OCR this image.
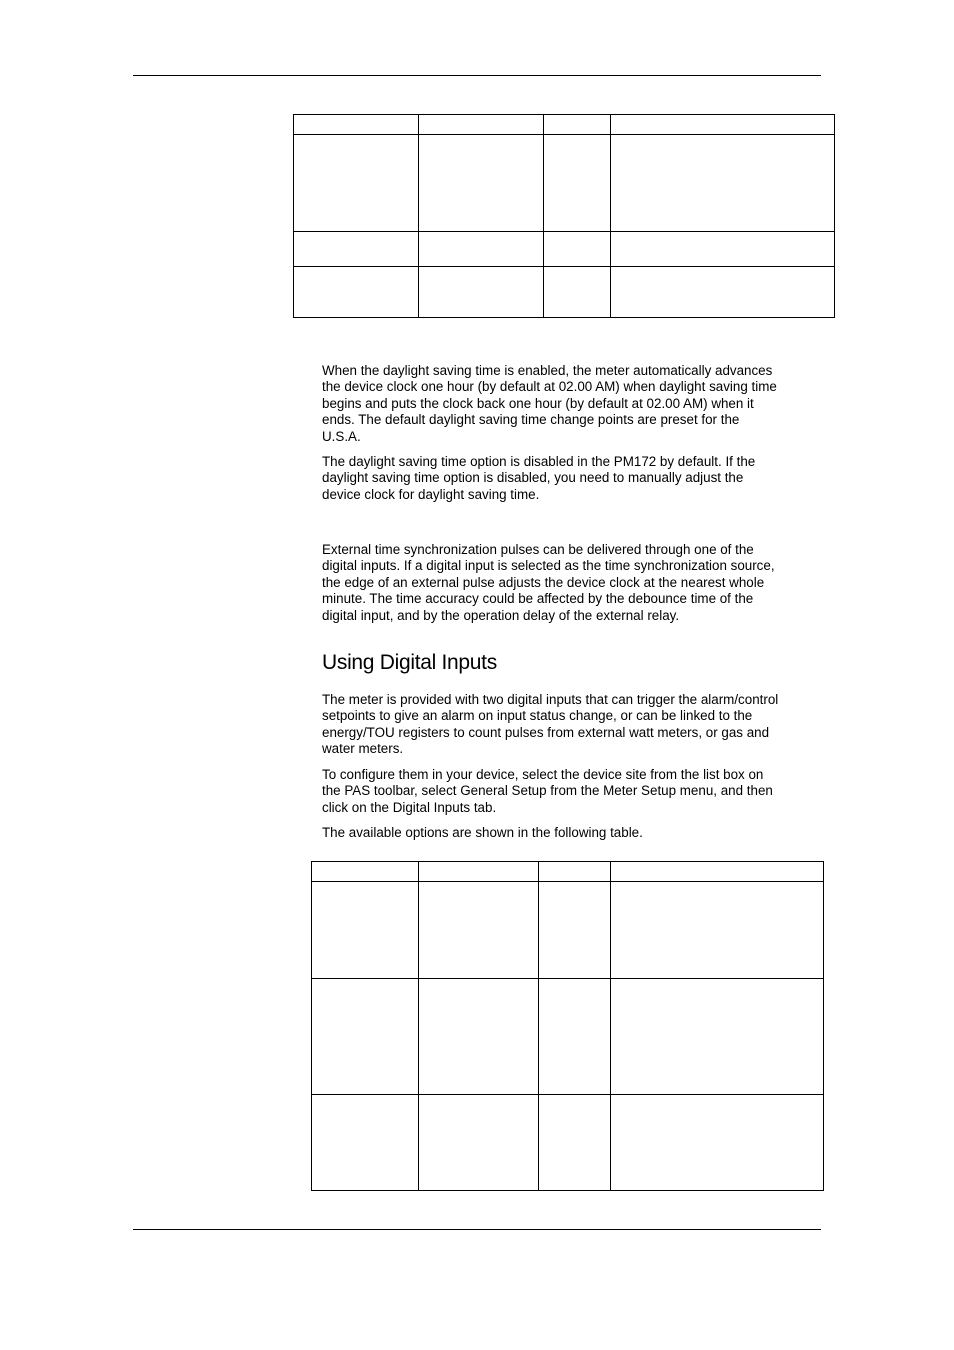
When the daylight saving time is enabled, the meter automatically advances
the device clock one hour (by default at 02.00 AM) when daylight saving time
begins and puts the clock back one hour (by default at 02.00 AM) when it
ends. The default daylight saving time change points are preset for the
U.S.A.

The daylight saving time option is disabled in the PM172 by default. If the
daylight saving time option is disabled, you need to manually adjust the
device clock for daylight saving time.

External time synchronization pulses can be delivered through one of the
digital inputs. If a digital input is selected as the time synchronization source,
the edge of an external pulse adjusts the device clock at the nearest whole
minute. The time accuracy could be affected by the debounce time of the
digital input, and by the operation delay of the external relay.

Using Digital Inputs

The meter is provided with two digital inputs that can trigger the alarm/control
setpoints to give an alarm on input status change, or can be linked to the
energy/TOU registers to count pulses from external watt meters, or gas and
water meters.

To configure them in your device, select the device site from the list box on
the PAS toolbar, select General Setup from the Meter Setup menu, and then
click on the Digital Inputs tab.

The available options are shown in the following table.
